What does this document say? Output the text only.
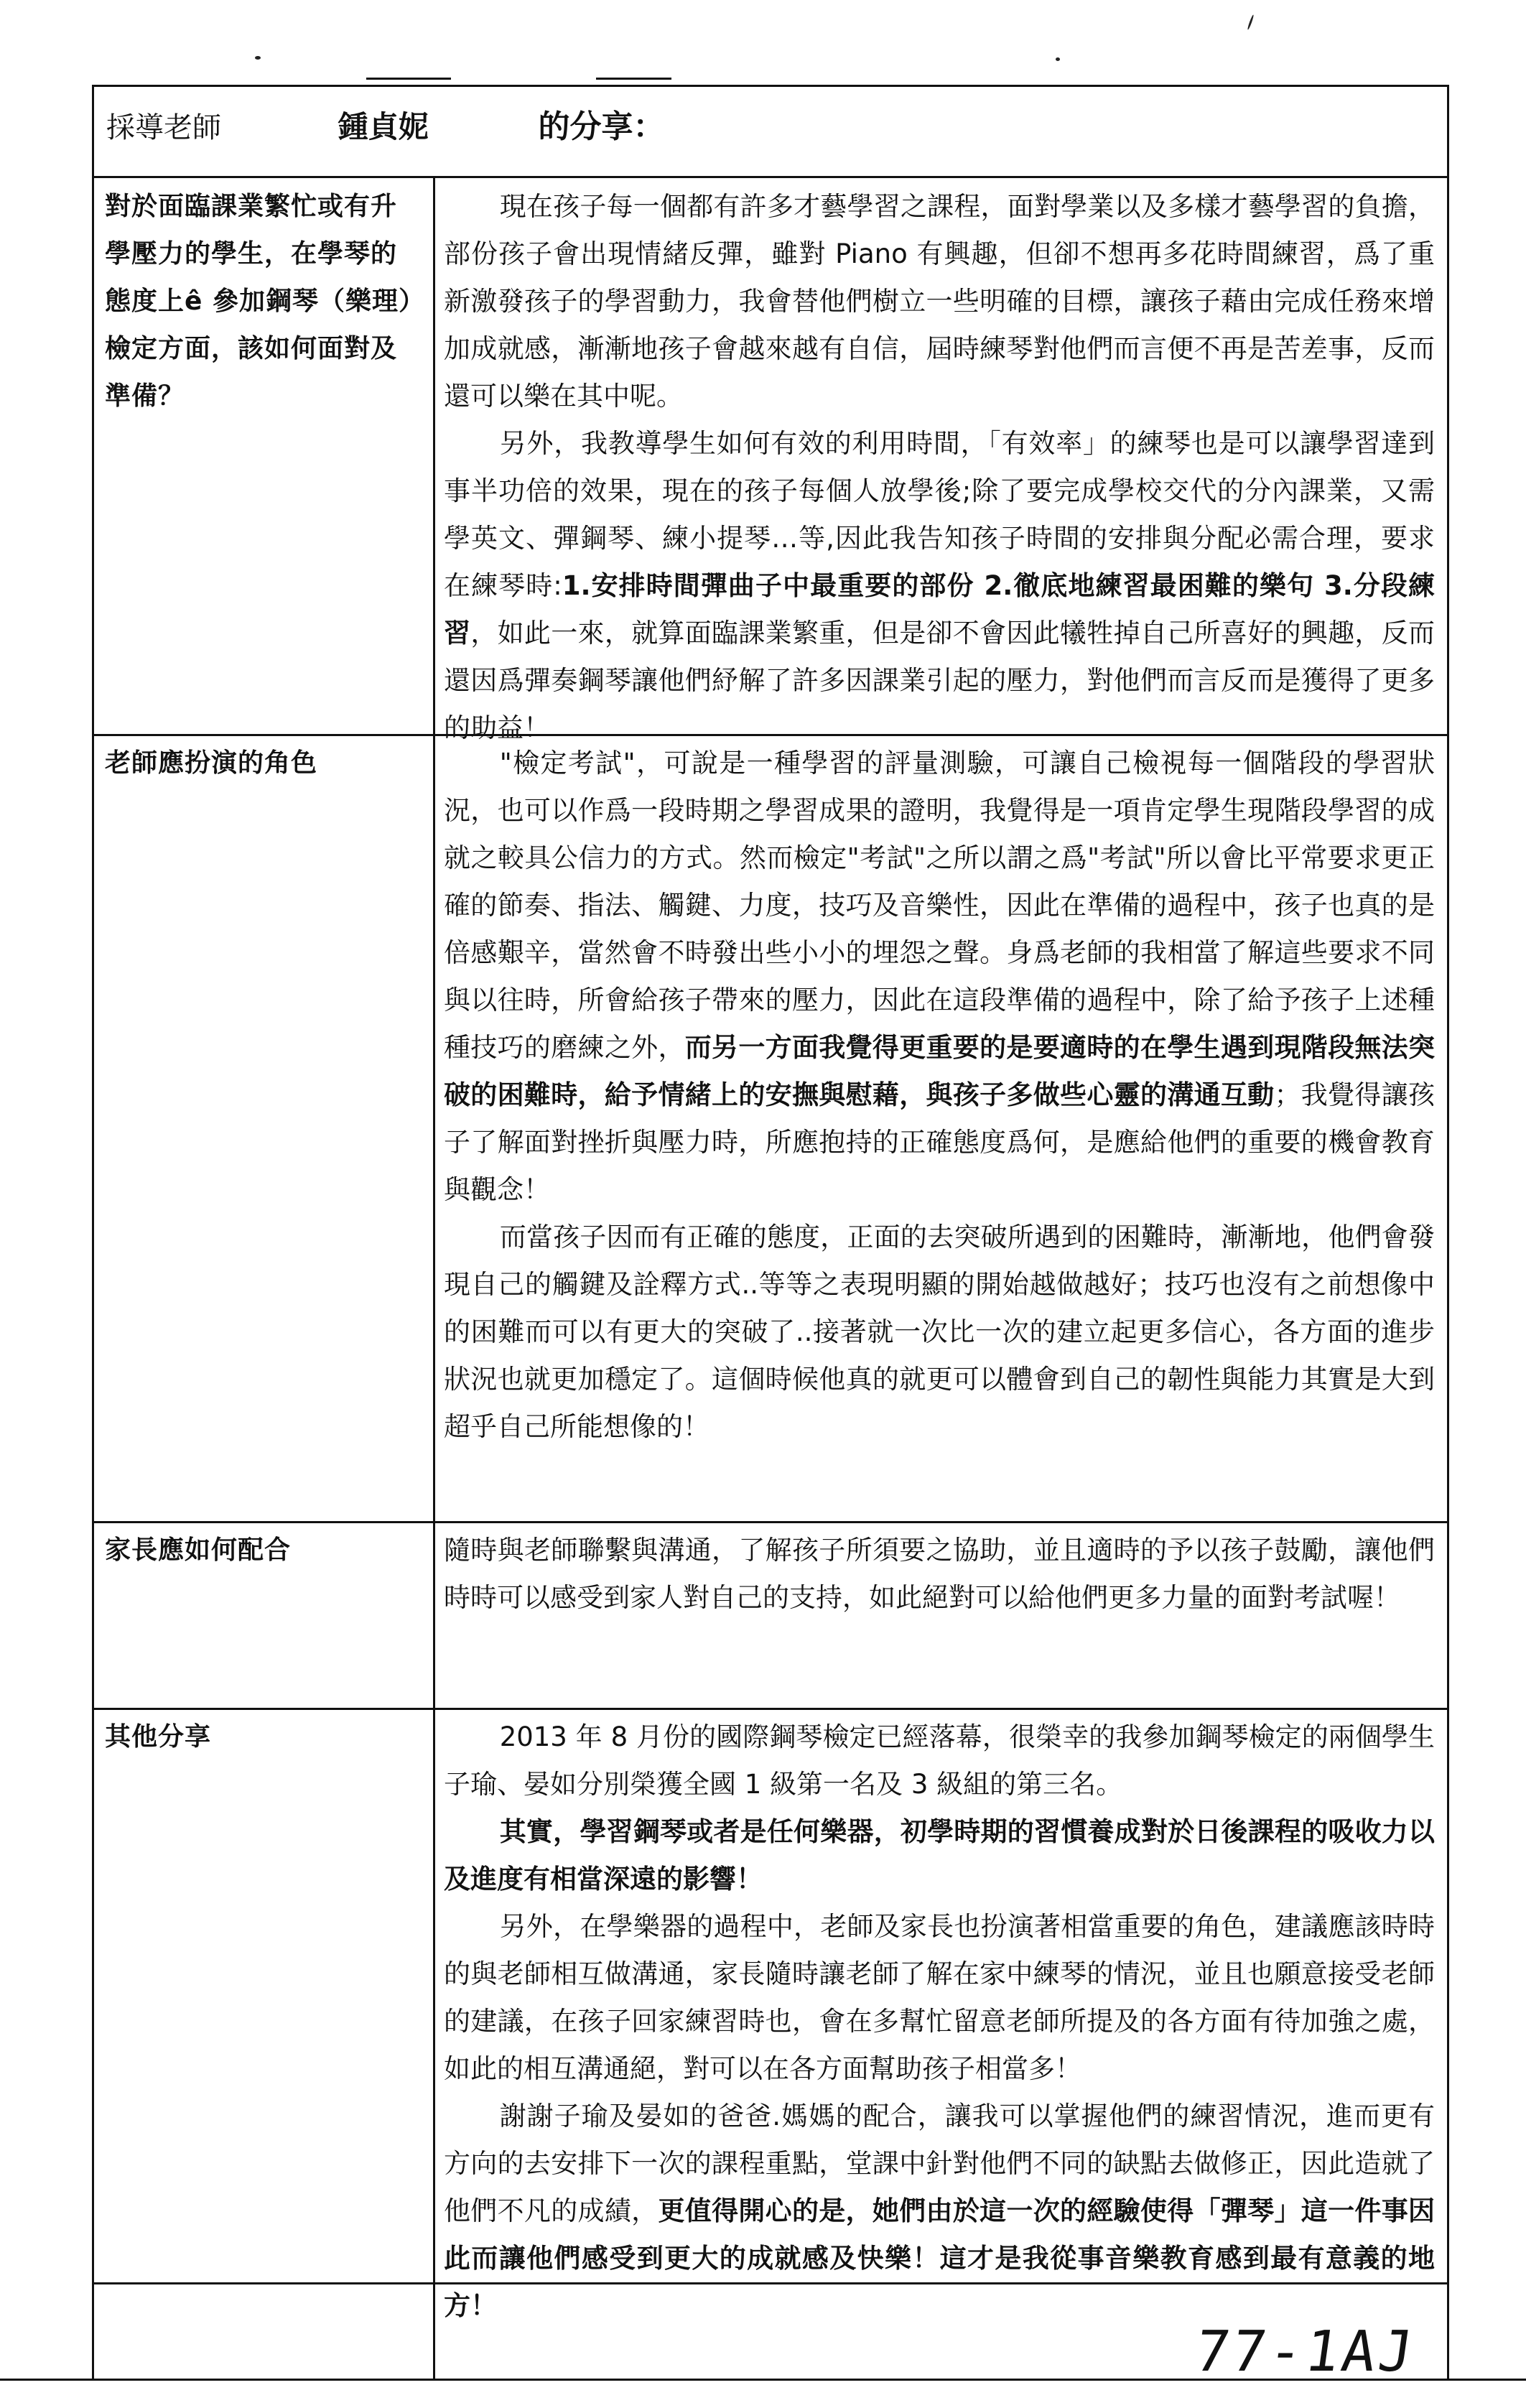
採導老師	鍾貞妮	的分享：
對於面臨課業繁忙或有升學壓力的學生，在學琴的態度上ê 參加鋼琴（樂理）檢定方面，該如何面對及準備？

現在孩子每一個都有許多才藝學習之課程，面對學業以及多樣才藝學習的負擔，部份孩子會出現情緒反彈，雖對 Piano 有興趣，但卻不想再多花時間練習，爲了重新激發孩子的學習動力，我會替他們樹立一些明確的目標，讓孩子藉由完成任務來增加成就感，漸漸地孩子會越來越有自信，屆時練琴對他們而言便不再是苦差事，反而還可以樂在其中呢。

另外，我教導學生如何有效的利用時間，「有效率」的練琴也是可以讓學習達到事半功倍的效果，現在的孩子每個人放學後;除了要完成學校交代的分內課業，又需學英文、彈鋼琴、練小提琴…等,因此我告知孩子時間的安排與分配必需合理，要求在練琴時:1.安排時間彈曲子中最重要的部份 2.徹底地練習最困難的樂句 3.分段練習，如此一來，就算面臨課業繁重，但是卻不會因此犧牲掉自己所喜好的興趣，反而還因爲彈奏鋼琴讓他們紓解了許多因課業引起的壓力，對他們而言反而是獲得了更多的助益！

老師應扮演的角色	"檢定考試"，可說是一種學習的評量測驗，可讓自己檢視每一個階段的學習狀況，也可以作爲一段時期之學習成果的證明，我覺得是一項肯定學生現階段學習的成就之較具公信力的方式。然而檢定"考試"之所以謂之爲"考試"所以會比平常要求更正確的節奏、指法、觸鍵、力度，技巧及音樂性，因此在準備的過程中，孩子也真的是倍感艱辛，當然會不時發出些小小的埋怨之聲。身爲老師的我相當了解這些要求不同與以往時，所會給孩子帶來的壓力，因此在這段準備的過程中，除了給予孩子上述種種技巧的磨練之外，而另一方面我覺得更重要的是要適時的在學生遇到現階段無法突破的困難時，給予情緒上的安撫與慰藉，與孩子多做些心靈的溝通互動；我覺得讓孩子了解面對挫折與壓力時，所應抱持的正確態度爲何，是應給他們的重要的機會教育與觀念！

而當孩子因而有正確的態度，正面的去突破所遇到的困難時，漸漸地，他們會發現自己的觸鍵及詮釋方式..等等之表現明顯的開始越做越好；技巧也沒有之前想像中的困難而可以有更大的突破了..接著就一次比一次的建立起更多信心，各方面的進步狀況也就更加穩定了。這個時候他真的就更可以體會到自己的韌性與能力其實是大到超乎自己所能想像的！

家長應如何配合	隨時與老師聯繫與溝通，了解孩子所須要之協助，並且適時的予以孩子鼓勵，讓他們時時可以感受到家人對自己的支持，如此絕對可以給他們更多力量的面對考試喔！

其他分享	2013 年 8 月份的國際鋼琴檢定已經落幕，很榮幸的我參加鋼琴檢定的兩個學生子瑜、晏如分別榮獲全國 1 級第一名及 3 級組的第三名。

其實，學習鋼琴或者是任何樂器，初學時期的習慣養成對於日後課程的吸收力以及進度有相當深遠的影響！

另外，在學樂器的過程中，老師及家長也扮演著相當重要的角色，建議應該時時的與老師相互做溝通，家長隨時讓老師了解在家中練琴的情況，並且也願意接受老師的建議，在孩子回家練習時也，會在多幫忙留意老師所提及的各方面有待加強之處，如此的相互溝通絕，對可以在各方面幫助孩子相當多！

謝謝子瑜及晏如的爸爸.媽媽的配合，讓我可以掌握他們的練習情況，進而更有方向的去安排下一次的課程重點，堂課中針對他們不同的缺點去做修正，因此造就了他們不凡的成績，更值得開心的是，她們由於這一次的經驗使得「彈琴」這一件事因此而讓他們感受到更大的成就感及快樂！這才是我從事音樂教育感到最有意義的地方！

77-1AJ
